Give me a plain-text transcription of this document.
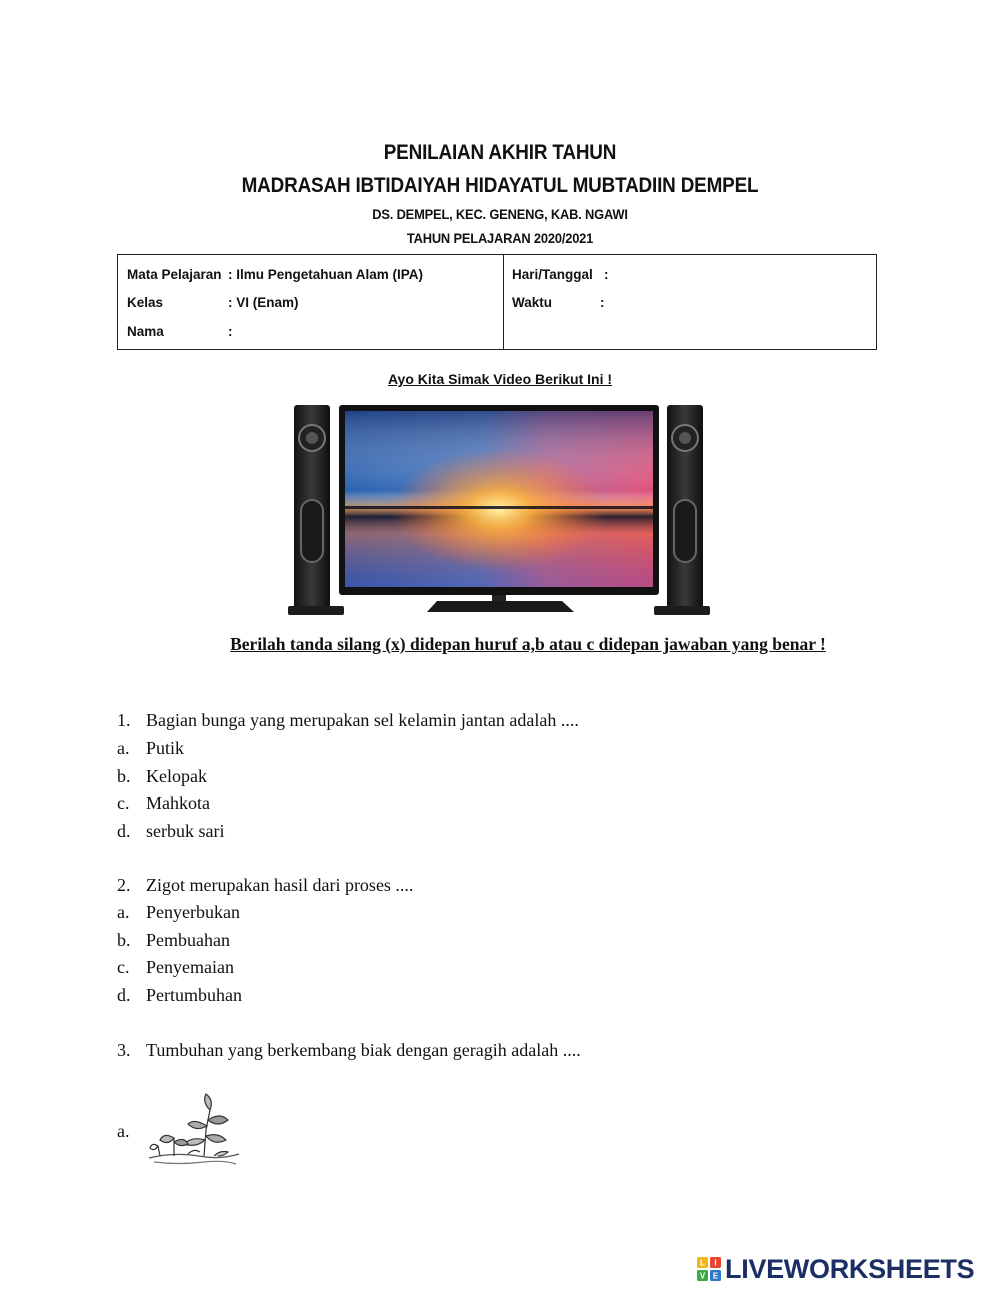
PENILAIAN AKHIR TAHUN
MADRASAH IBTIDAIYAH HIDAYATUL MUBTADIIN DEMPEL
DS. DEMPEL, KEC. GENENG, KAB. NGAWI
TAHUN PELAJARAN 2020/2021
Mata Pelajaran : Ilmu Pengetahuan Alam (IPA)
Kelas	: VI (Enam)
Nama	:
Hari/Tanggal :
Waktu	:
Ayo Kita Simak Video Berikut Ini !
Berilah tanda silang (x) didepan huruf a,b atau c didepan jawaban yang benar !
1. Bagian bunga yang merupakan sel kelamin jantan adalah ....
a. Putik
b. Kelopak
c. Mahkota
d. serbuk sari
2. Zigot merupakan hasil dari proses ....
a. Penyerbukan
b. Pembuahan
c. Penyemaian
d. Pertumbuhan
3. Tumbuhan yang berkembang biak dengan geragih adalah ....
a.
L I
V E LIVEWORKSHEETS
